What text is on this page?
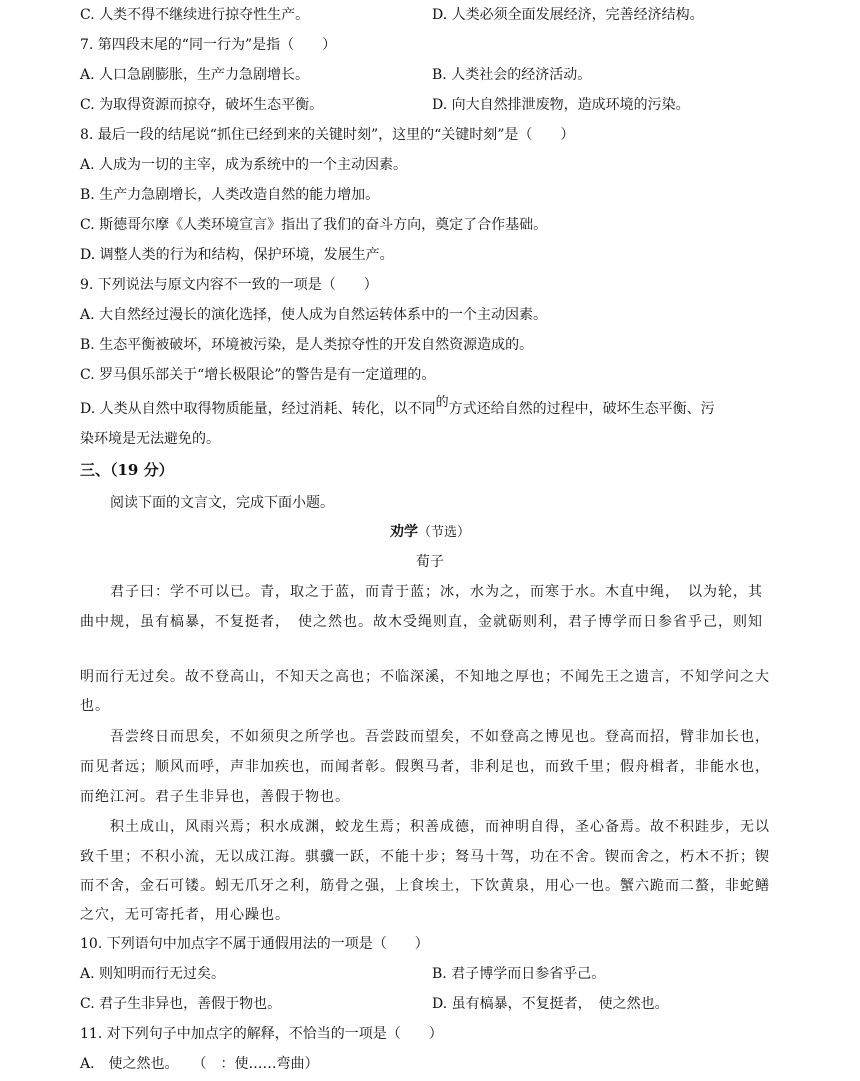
C. 人类不得不继续进行掠夺性生产。	D. 人类必须全面发展经济，完善经济结构。
7. 第四段末尾的“同一行为”是指（　　）
A. 人口急剧膨胀，生产力急剧增长。	B. 人类社会的经济活动。
C. 为取得资源而掠夺，破坏生态平衡。	D. 向大自然排泄废物，造成环境的污染。
8. 最后一段的结尾说“抓住已经到来的关键时刻”，这里的“关键时刻”是（　　）
A. 人成为一切的主宰，成为系统中的一个主动因素。
B. 生产力急剧增长，人类改造自然的能力增加。
C. 斯德哥尔摩《人类环境宣言》指出了我们的奋斗方向，奠定了合作基础。
D. 调整人类的行为和结构，保护环境，发展生产。
9. 下列说法与原文内容不一致的一项是（　　）
A. 大自然经过漫长的演化选择，使人成为自然运转体系中的一个主动因素。
B. 生态平衡被破坏，环境被污染，是人类掠夺性的开发自然资源造成的。
C. 罗马俱乐部关于“增长极限论”的警告是有一定道理的。
D. 人类从自然中取得物质能量，经过消耗、转化，以不同的方式还给自然的过程中，破坏生态平衡、污
染环境是无法避免的。
三、（19 分）
阅读下面的文言文，完成下面小题。
劝学（节选）
荀子
君子曰：学不可以已。青，取之于蓝，而青于蓝；冰，水为之，而寒于水。木直中绳，　以为轮，其
曲中规，虽有槁暴，不复挺者，　使之然也。故木受绳则直，金就砺则利，君子博学而日参省乎己，则知
明而行无过矣。故不登高山，不知天之高也；不临深溪，不知地之厚也；不闻先王之遗言，不知学问之大
也。
吾尝终日而思矣，不如须臾之所学也。吾尝跂而望矣，不如登高之博见也。登高而招，臂非加长也，
而见者远；顺风而呼，声非加疾也，而闻者彰。假舆马者，非利足也，而致千里；假舟楫者，非能水也，
而绝江河。君子生非异也，善假于物也。
积土成山，风雨兴焉；积水成渊，蛟龙生焉；积善成德，而神明自得，圣心备焉。故不积跬步，无以
致千里；不积小流，无以成江海。骐骥一跃，不能十步；驽马十驾，功在不舍。锲而舍之，朽木不折；锲
而不舍，金石可镂。蚓无爪牙之利，筋骨之强，上食埃土，下饮黄泉，用心一也。蟹六跪而二螯，非蛇鳝
之穴，无可寄托者，用心躁也。
10. 下列语句中加点字不属于通假用法的一项是（　　）
A. 则知明而行无过矣。	B. 君子博学而日参省乎己。
C. 君子生非异也，善假于物也。	D. 虽有槁暴，不复挺者，　使之然也。
11. 对下列句子中加点字的解释，不恰当的一项是（　　）
A.　使之然也。　　（　：使……弯曲）
